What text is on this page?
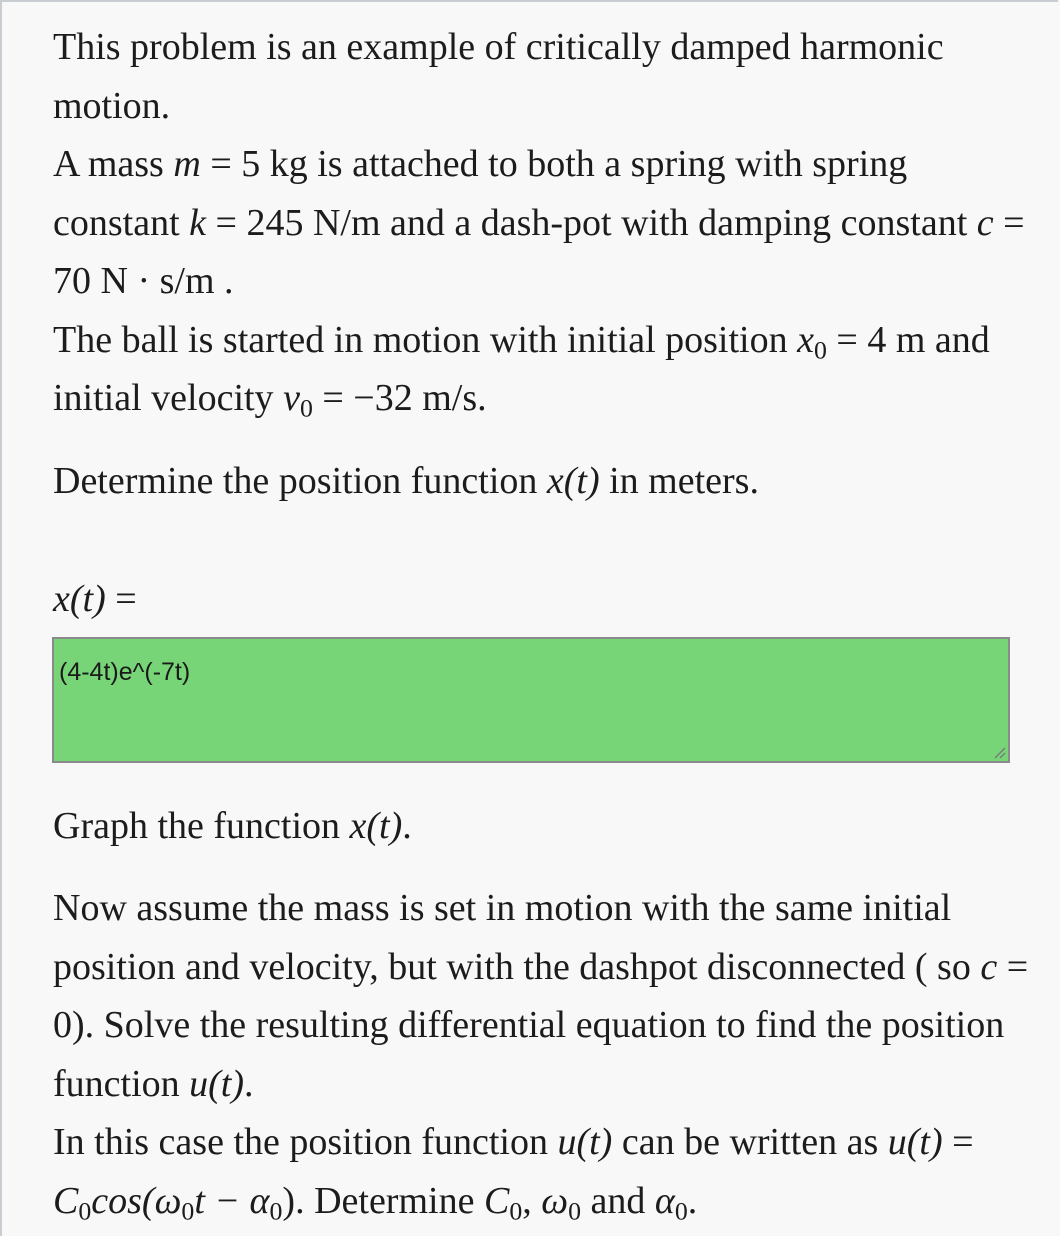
This problem is an example of critically damped harmonic motion.

A mass m = 5 kg is attached to both a spring with spring constant k = 245 N/m and a dash-pot with damping constant c = 70 N · s/m .

The ball is started in motion with initial position $x_0 = 4$ m and initial velocity $v_0 = -32$ m/s.

Determine the position function x(t) in meters.

x(t) =

(4-4t)e^(-7t)

Graph the function x(t).

Now assume the mass is set in motion with the same initial position and velocity, but with the dashpot disconnected ( so c = 0). Solve the resulting differential equation to find the position function u(t).

In this case the position function u(t) can be written as $u(t) = C_0\cos(\omega_0t - \alpha_0)$. Determine $C_0$, $\omega_0$ and $\alpha_0$.
